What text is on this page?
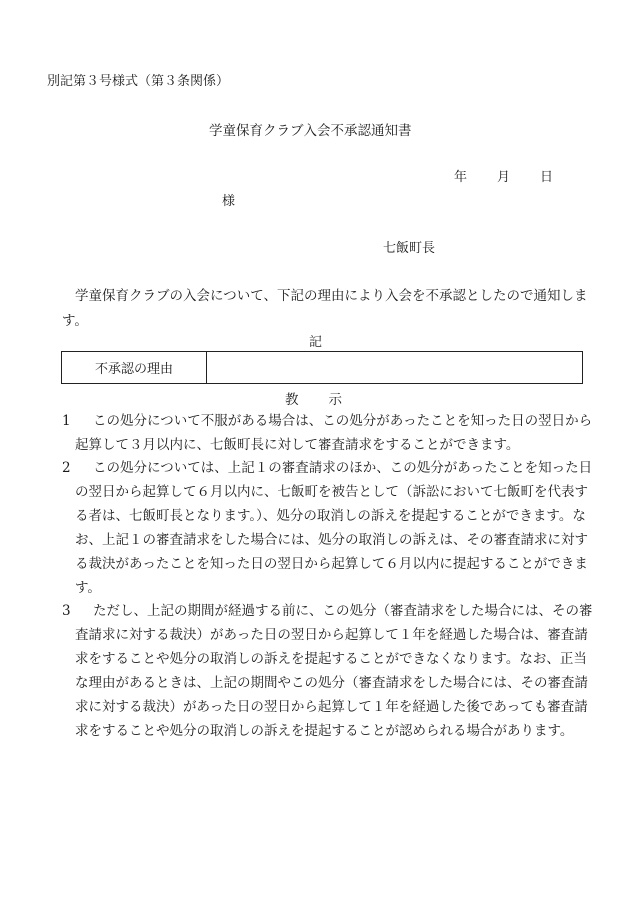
別記第３号様式（第３条関係）
学童保育クラブ入会不承認通知書
年 月 日
様
七飯町長
学童保育クラブの入会について、下記の理由により入会を不承認としたので通知します。
記
不承認の理由
教 示
1	この処分について不服がある場合は、この処分があったことを知った日の翌日から起算して３月以内に、七飯町長に対して審査請求をすることができます。
2	この処分については、上記１の審査請求のほか、この処分があったことを知った日の翌日から起算して６月以内に、七飯町を被告として（訴訟において七飯町を代表する者は、七飯町長となります。）、処分の取消しの訴えを提起することができます。なお、上記１の審査請求をした場合には、処分の取消しの訴えは、その審査請求に対する裁決があったことを知った日の翌日から起算して６月以内に提起することができます。
3	ただし、上記の期間が経過する前に、この処分（審査請求をした場合には、その審査請求に対する裁決）があった日の翌日から起算して１年を経過した場合は、審査請求をすることや処分の取消しの訴えを提起することができなくなります。なお、正当な理由があるときは、上記の期間やこの処分（審査請求をした場合には、その審査請求に対する裁決）があった日の翌日から起算して１年を経過した後であっても審査請求をすることや処分の取消しの訴えを提起することが認められる場合があります。
